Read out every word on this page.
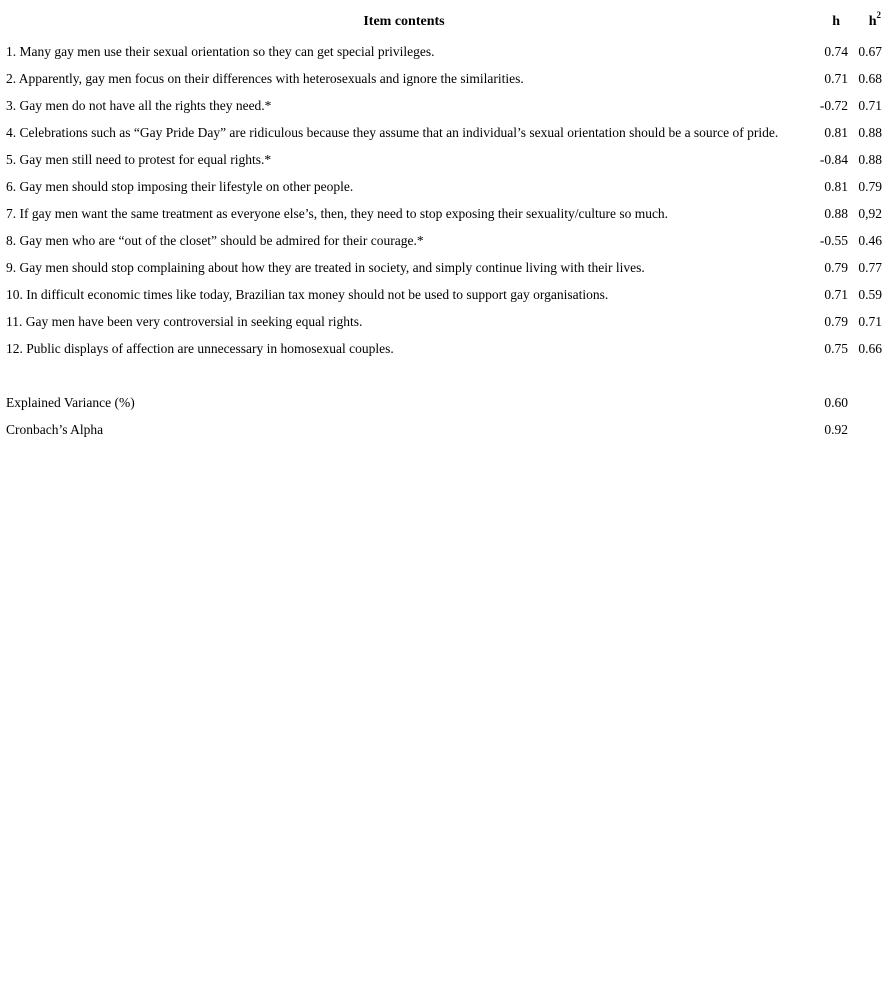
Item contents	h	$h^2$
1. Many gay men use their sexual orientation so they can get special privileges.	0.74	0.67
2. Apparently, gay men focus on their differences with heterosexuals and ignore the similarities.	0.71	0.68
3. Gay men do not have all the rights they need.*	-0.72	0.71
4. Celebrations such as “Gay Pride Day” are ridiculous because they assume that an individual’s sexual orientation should be a source of pride.	0.81	0.88
5. Gay men still need to protest for equal rights.*	-0.84	0.88
6. Gay men should stop imposing their lifestyle on other people.	0.81	0.79
7. If gay men want the same treatment as everyone else’s, then, they need to stop exposing their sexuality/culture so much.	0.88	0,92
8. Gay men who are “out of the closet” should be admired for their courage.*	-0.55	0.46
9. Gay men should stop complaining about how they are treated in society, and simply continue living with their lives.	0.79	0.77
10. In difficult economic times like today, Brazilian tax money should not be used to support gay organisations.	0.71	0.59
11. Gay men have been very controversial in seeking equal rights.	0.79	0.71
12. Public displays of affection are unnecessary in homosexual couples.	0.75	0.66

Explained Variance (%)	0.60	
Cronbach’s Alpha	0.92	
